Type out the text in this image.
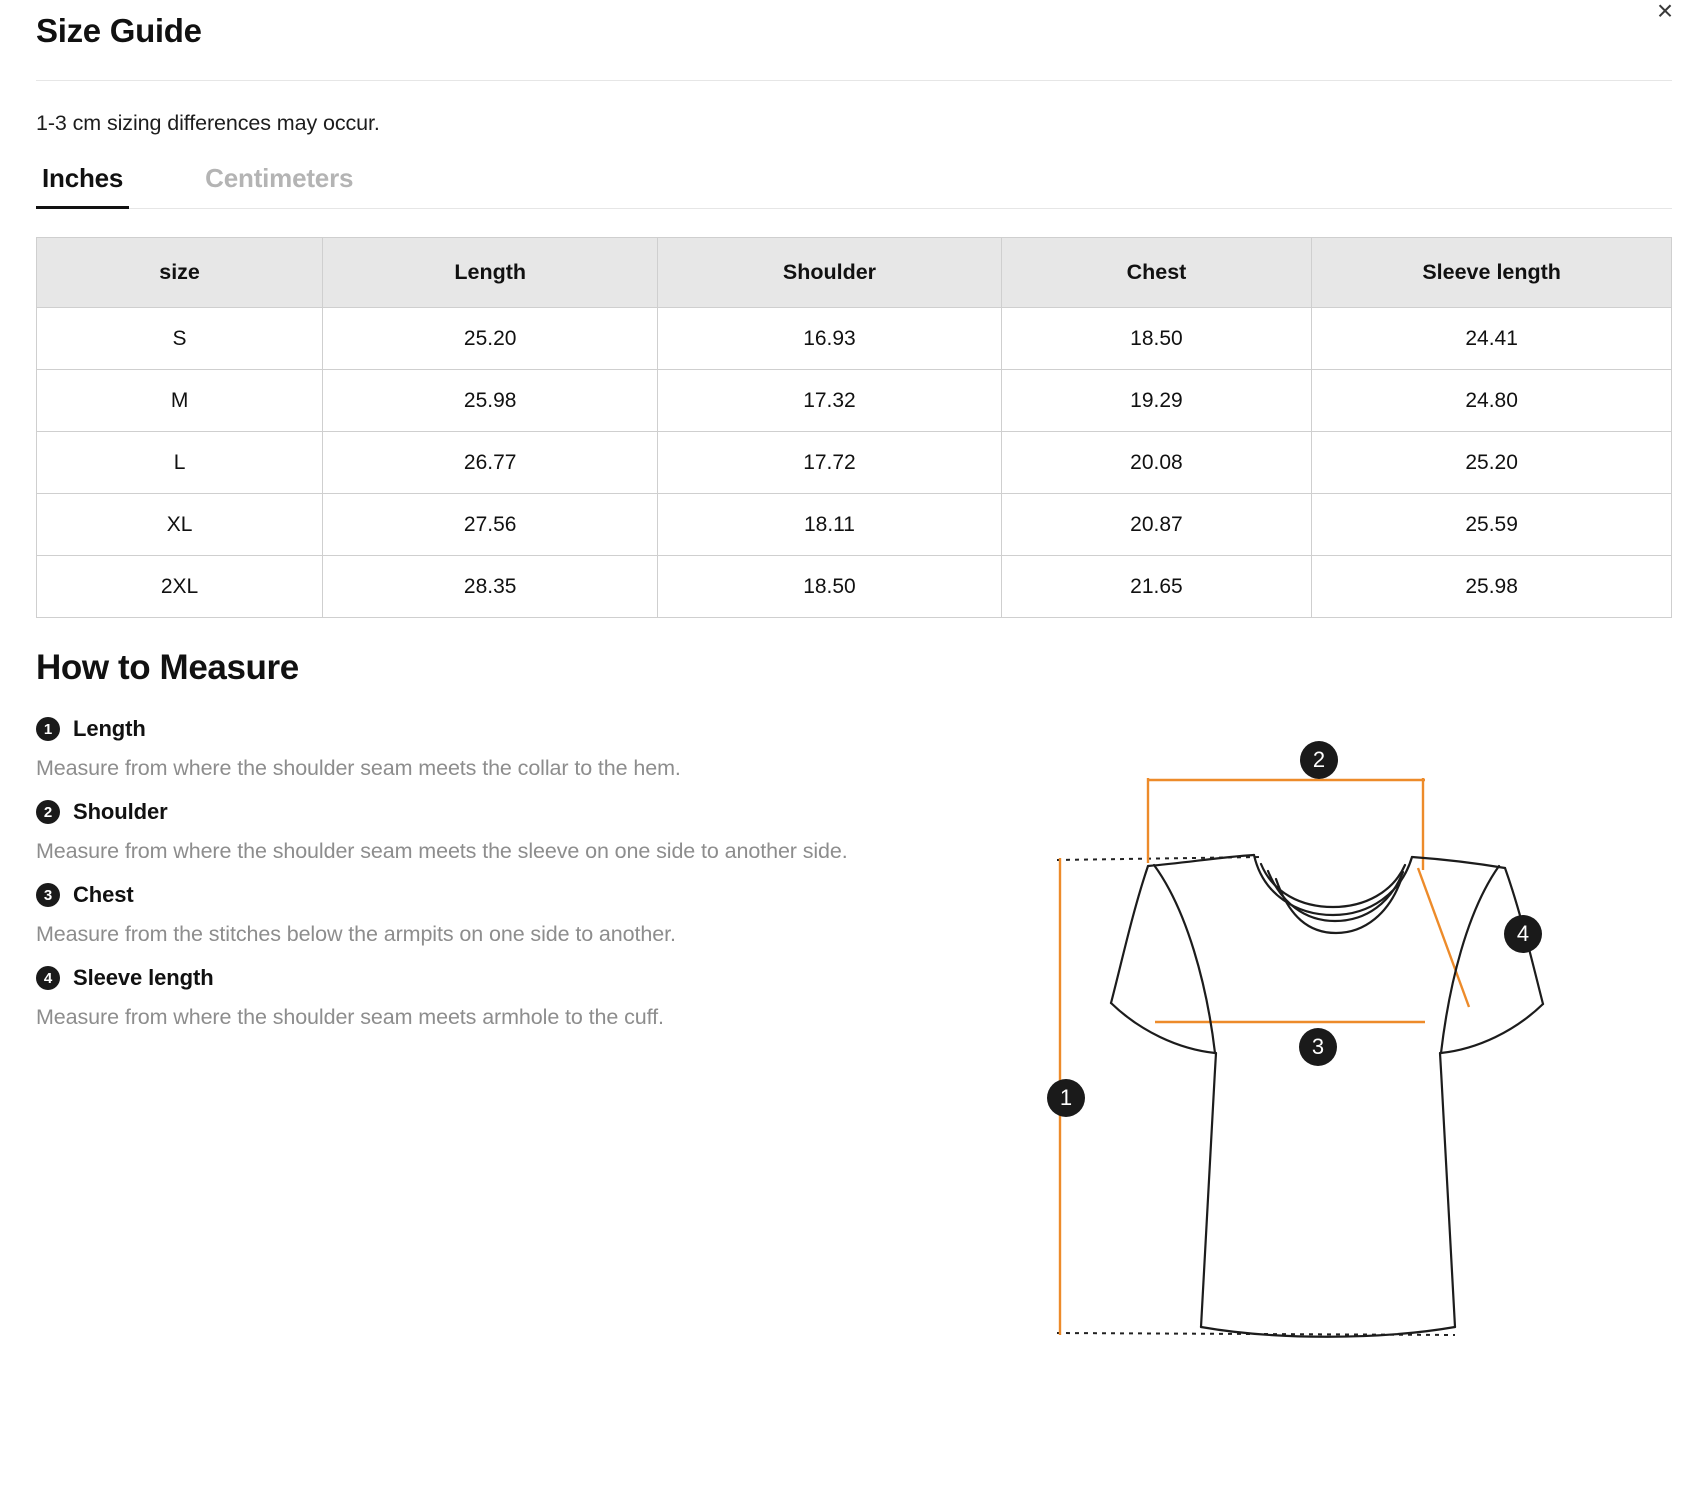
×
Size Guide

1-3 cm sizing differences may occur.

Inches	Centimeters
size	Length	Shoulder	Chest	Sleeve length
S	25.20	16.93	18.50	24.41
M	25.98	17.32	19.29	24.80
L	26.77	17.72	20.08	25.20
XL	27.56	18.11	20.87	25.59
2XL	28.35	18.50	21.65	25.98
How to Measure
1 Length

Measure from where the shoulder seam meets the collar to the hem.

2 Shoulder

Measure from where the shoulder seam meets the sleeve on one side to another side.

3 Chest

Measure from the stitches below the armpits on one side to another.

4 Sleeve length

Measure from where the shoulder seam meets armhole to the cuff.

2
4
3
1
